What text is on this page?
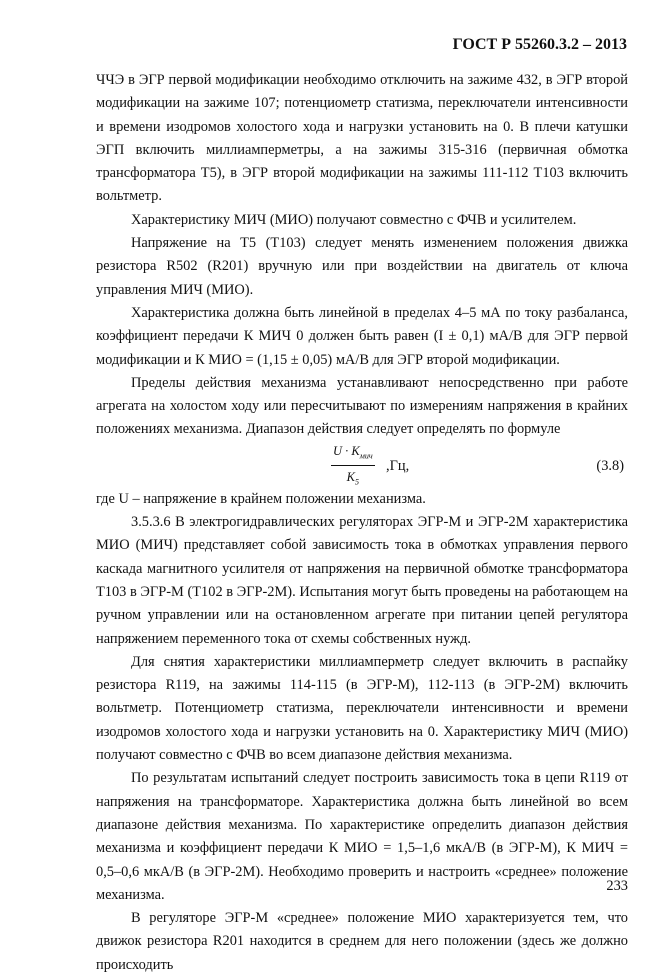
ГОСТ Р 55260.3.2 – 2013

ЧЧЭ в ЭГР первой модификации необходимо отключить на зажиме 432, в ЭГР второй модификации на зажиме 107; потенциометр статизма, переключатели интенсивности и времени изодромов холостого хода и нагрузки установить на 0. В плечи катушки ЭГП включить миллиамперметры, а на зажимы 315-316 (первичная обмотка трансформатора Т5), в ЭГР второй модификации на зажимы 111-112 Т103 включить вольтметр.

Характеристику МИЧ (МИО) получают совместно с ФЧВ и усилителем.

Напряжение на Т5 (Т103) следует менять изменением положения движка резистора R502 (R201) вручную или при воздействии на двигатель от ключа управления МИЧ (МИО).

Характеристика должна быть линейной в пределах 4–5 мА по току разбаланса, коэффициент передачи К МИЧ 0 должен быть равен (I ± 0,1) мА/В для ЭГР первой модификации и К МИО = (1,15 ± 0,05) мА/В для ЭГР второй модификации.

Пределы действия механизма устанавливают непосредственно при работе агрегата на холостом ходу или пересчитывают по измерениям напряжения в крайних положениях механизма. Диапазон действия следует определять по формуле

$U \cdot K_{мич}$
$K_5$
,Гц,	(3.8)

где U – напряжение в крайнем положении механизма.

3.5.3.6 В электрогидравлических регуляторах ЭГР-М и ЭГР-2М характеристика МИО (МИЧ) представляет собой зависимость тока в обмотках управления первого каскада магнитного усилителя от напряжения на первичной обмотке трансформатора Т103 в ЭГР-М (Т102 в ЭГР-2М). Испытания могут быть проведены на работающем на ручном управлении или на остановленном агрегате при питании цепей регулятора напряжением переменного тока от схемы собственных нужд.

Для снятия характеристики миллиамперметр следует включить в распайку резистора R119, на зажимы 114-115 (в ЭГР-М), 112-113 (в ЭГР-2М) включить вольтметр. Потенциометр статизма, переключатели интенсивности и времени изодромов холостого хода и нагрузки установить на 0. Характеристику МИЧ (МИО) получают совместно с ФЧВ во всем диапазоне действия механизма.

По результатам испытаний следует построить зависимость тока в цепи R119 от напряжения на трансформаторе. Характеристика должна быть линейной во всем диапазоне действия механизма. По характеристике определить диапазон действия механизма и коэффициент передачи К МИО = 1,5–1,6 мкА/В (в ЭГР-М), К МИЧ = 0,5–0,6 мкА/В (в ЭГР-2М). Необходимо проверить и настроить «среднее» положение механизма.

В регуляторе ЭГР-М «среднее» положение МИО характеризуется тем, что движок резистора R201 находится в среднем для него положении (здесь же должно происходить

233
